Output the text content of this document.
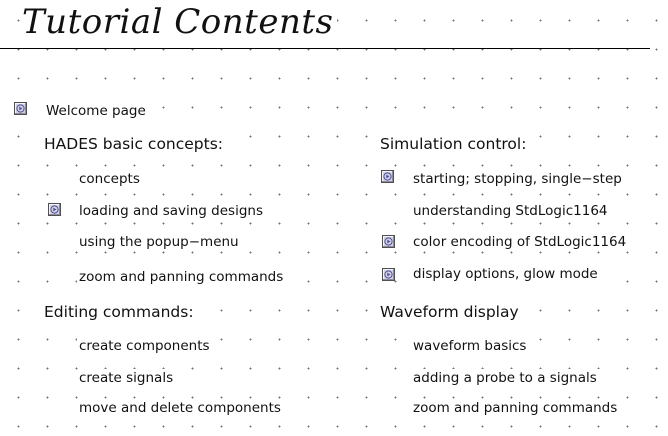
Tutorial Contents
Welcome page
HADES basic concepts:
concepts
loading and saving designs
using the popup−menu
zoom and panning commands
Editing commands:
create components
create signals
move and delete components
Simulation control:
starting; stopping, single−step
understanding StdLogic1164
color encoding of StdLogic1164
display options, glow mode
Waveform display
waveform basics
adding a probe to a signals
zoom and panning commands
